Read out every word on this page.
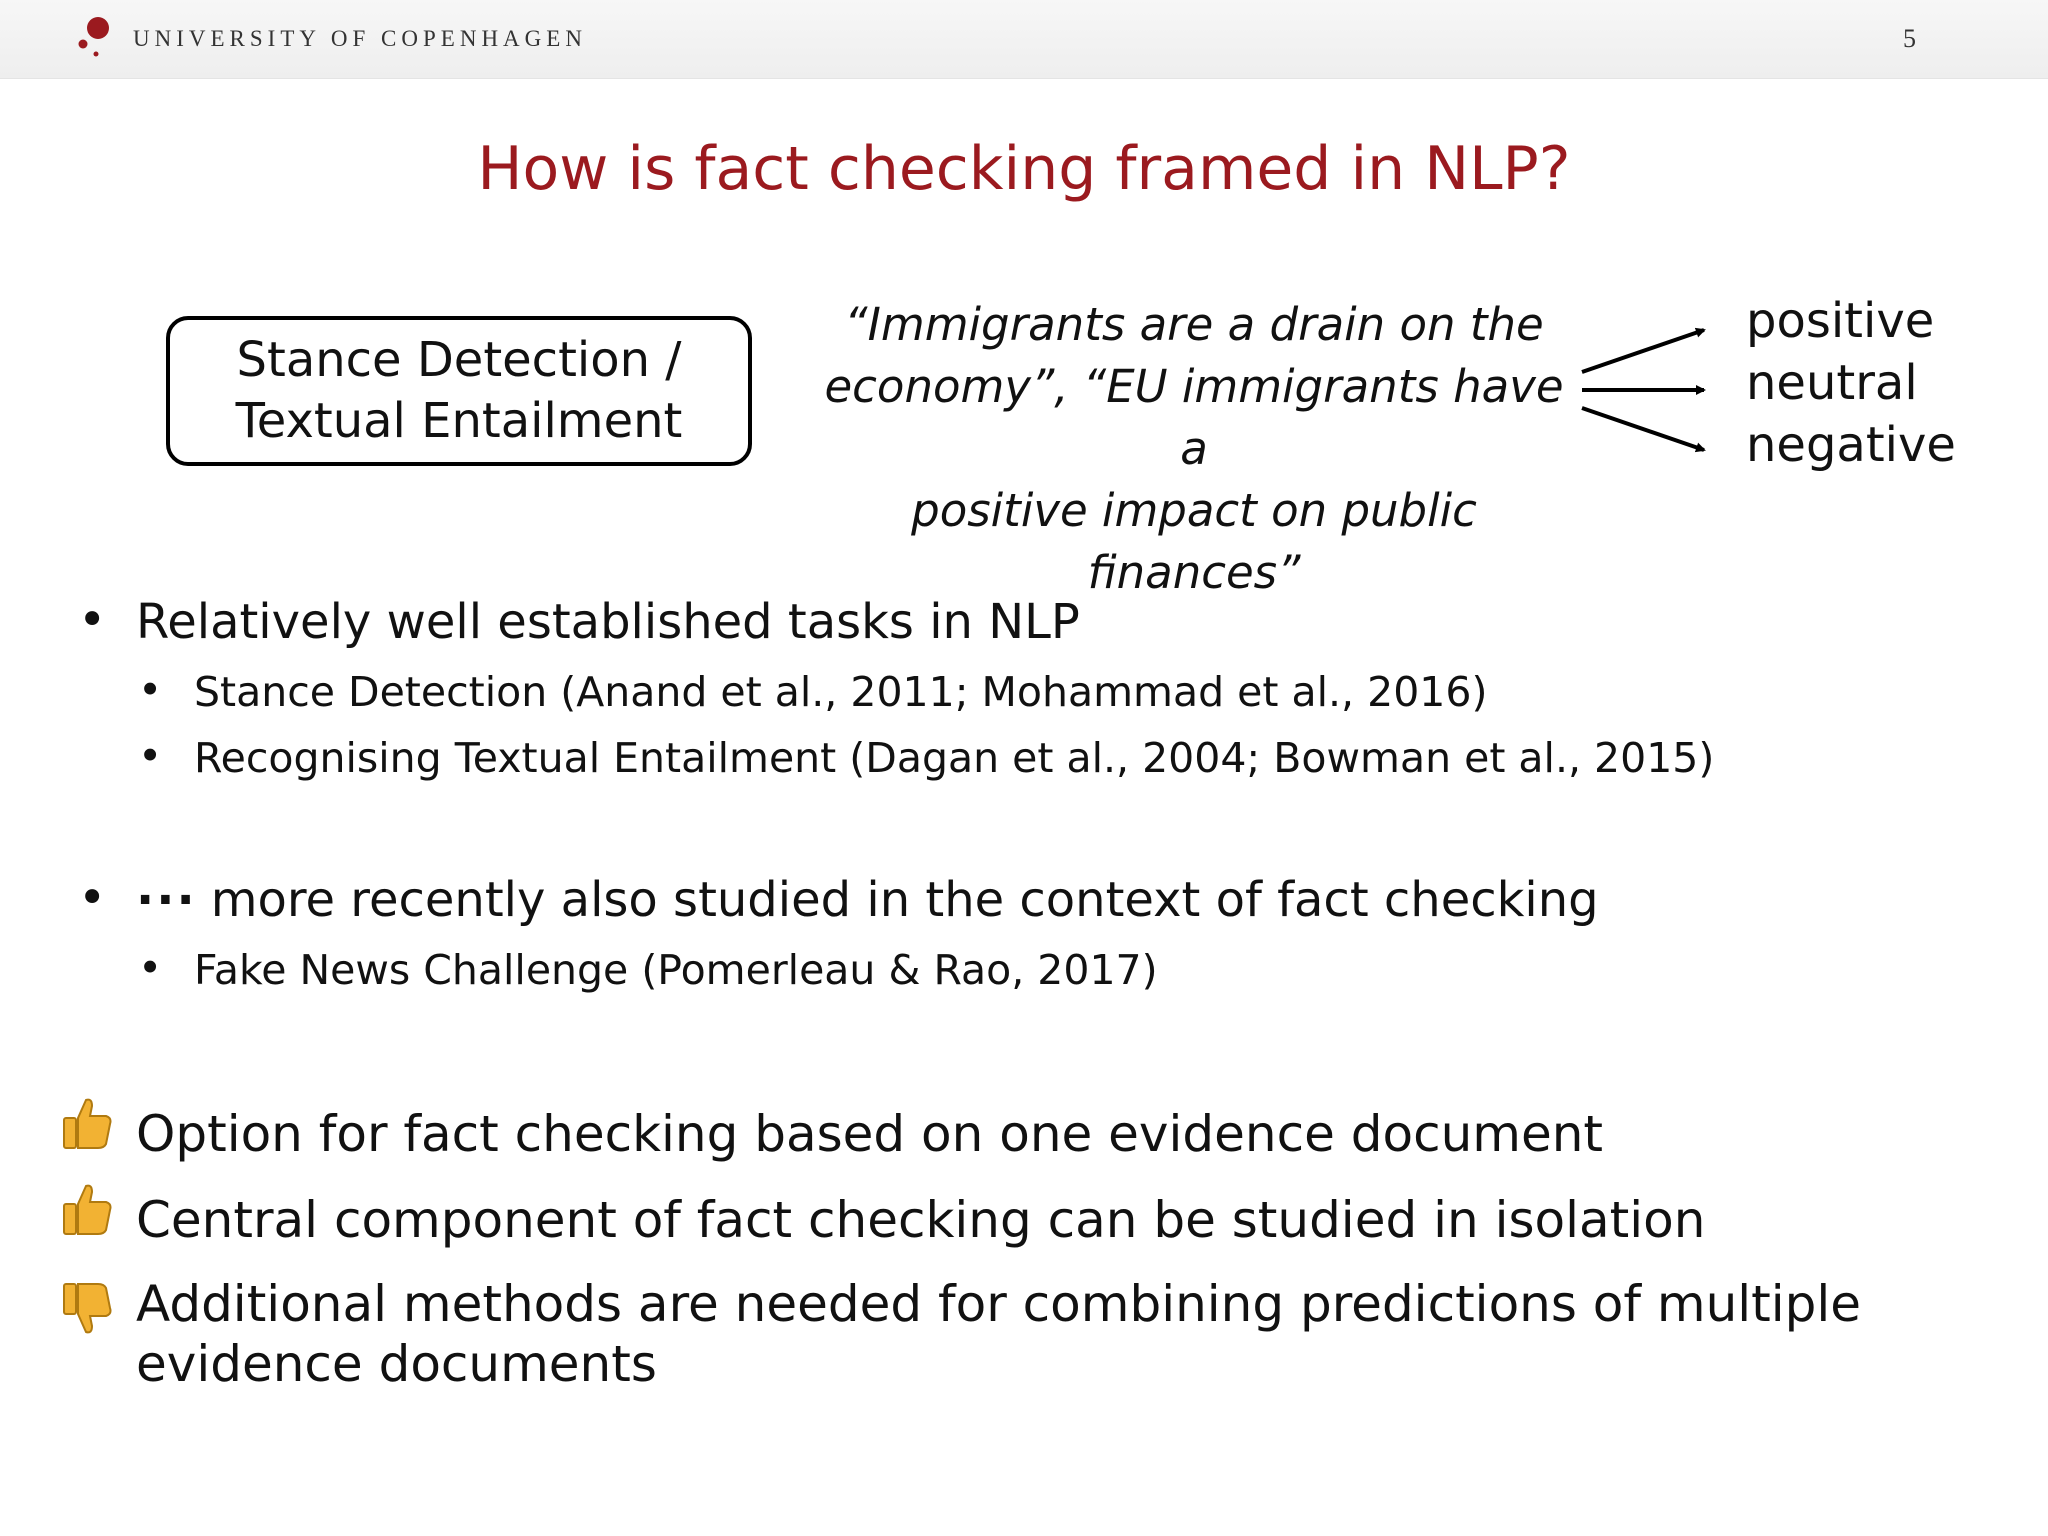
UNIVERSITY OF COPENHAGEN	5
How is fact checking framed in NLP?
Stance Detection /
Textual Entailment
“Immigrants are a drain on the
economy”, “EU immigrants have a
positive impact on public finances”
positive
neutral
negative
• Relatively well established tasks in NLP
• Stance Detection (Anand et al., 2011; Mohammad et al., 2016)
• Recognising Textual Entailment (Dagan et al., 2004; Bowman et al., 2015)
• ··· more recently also studied in the context of fact checking
• Fake News Challenge (Pomerleau & Rao, 2017)
Option for fact checking based on one evidence document
Central component of fact checking can be studied in isolation
Additional methods are needed for combining predictions of multiple
evidence documents
